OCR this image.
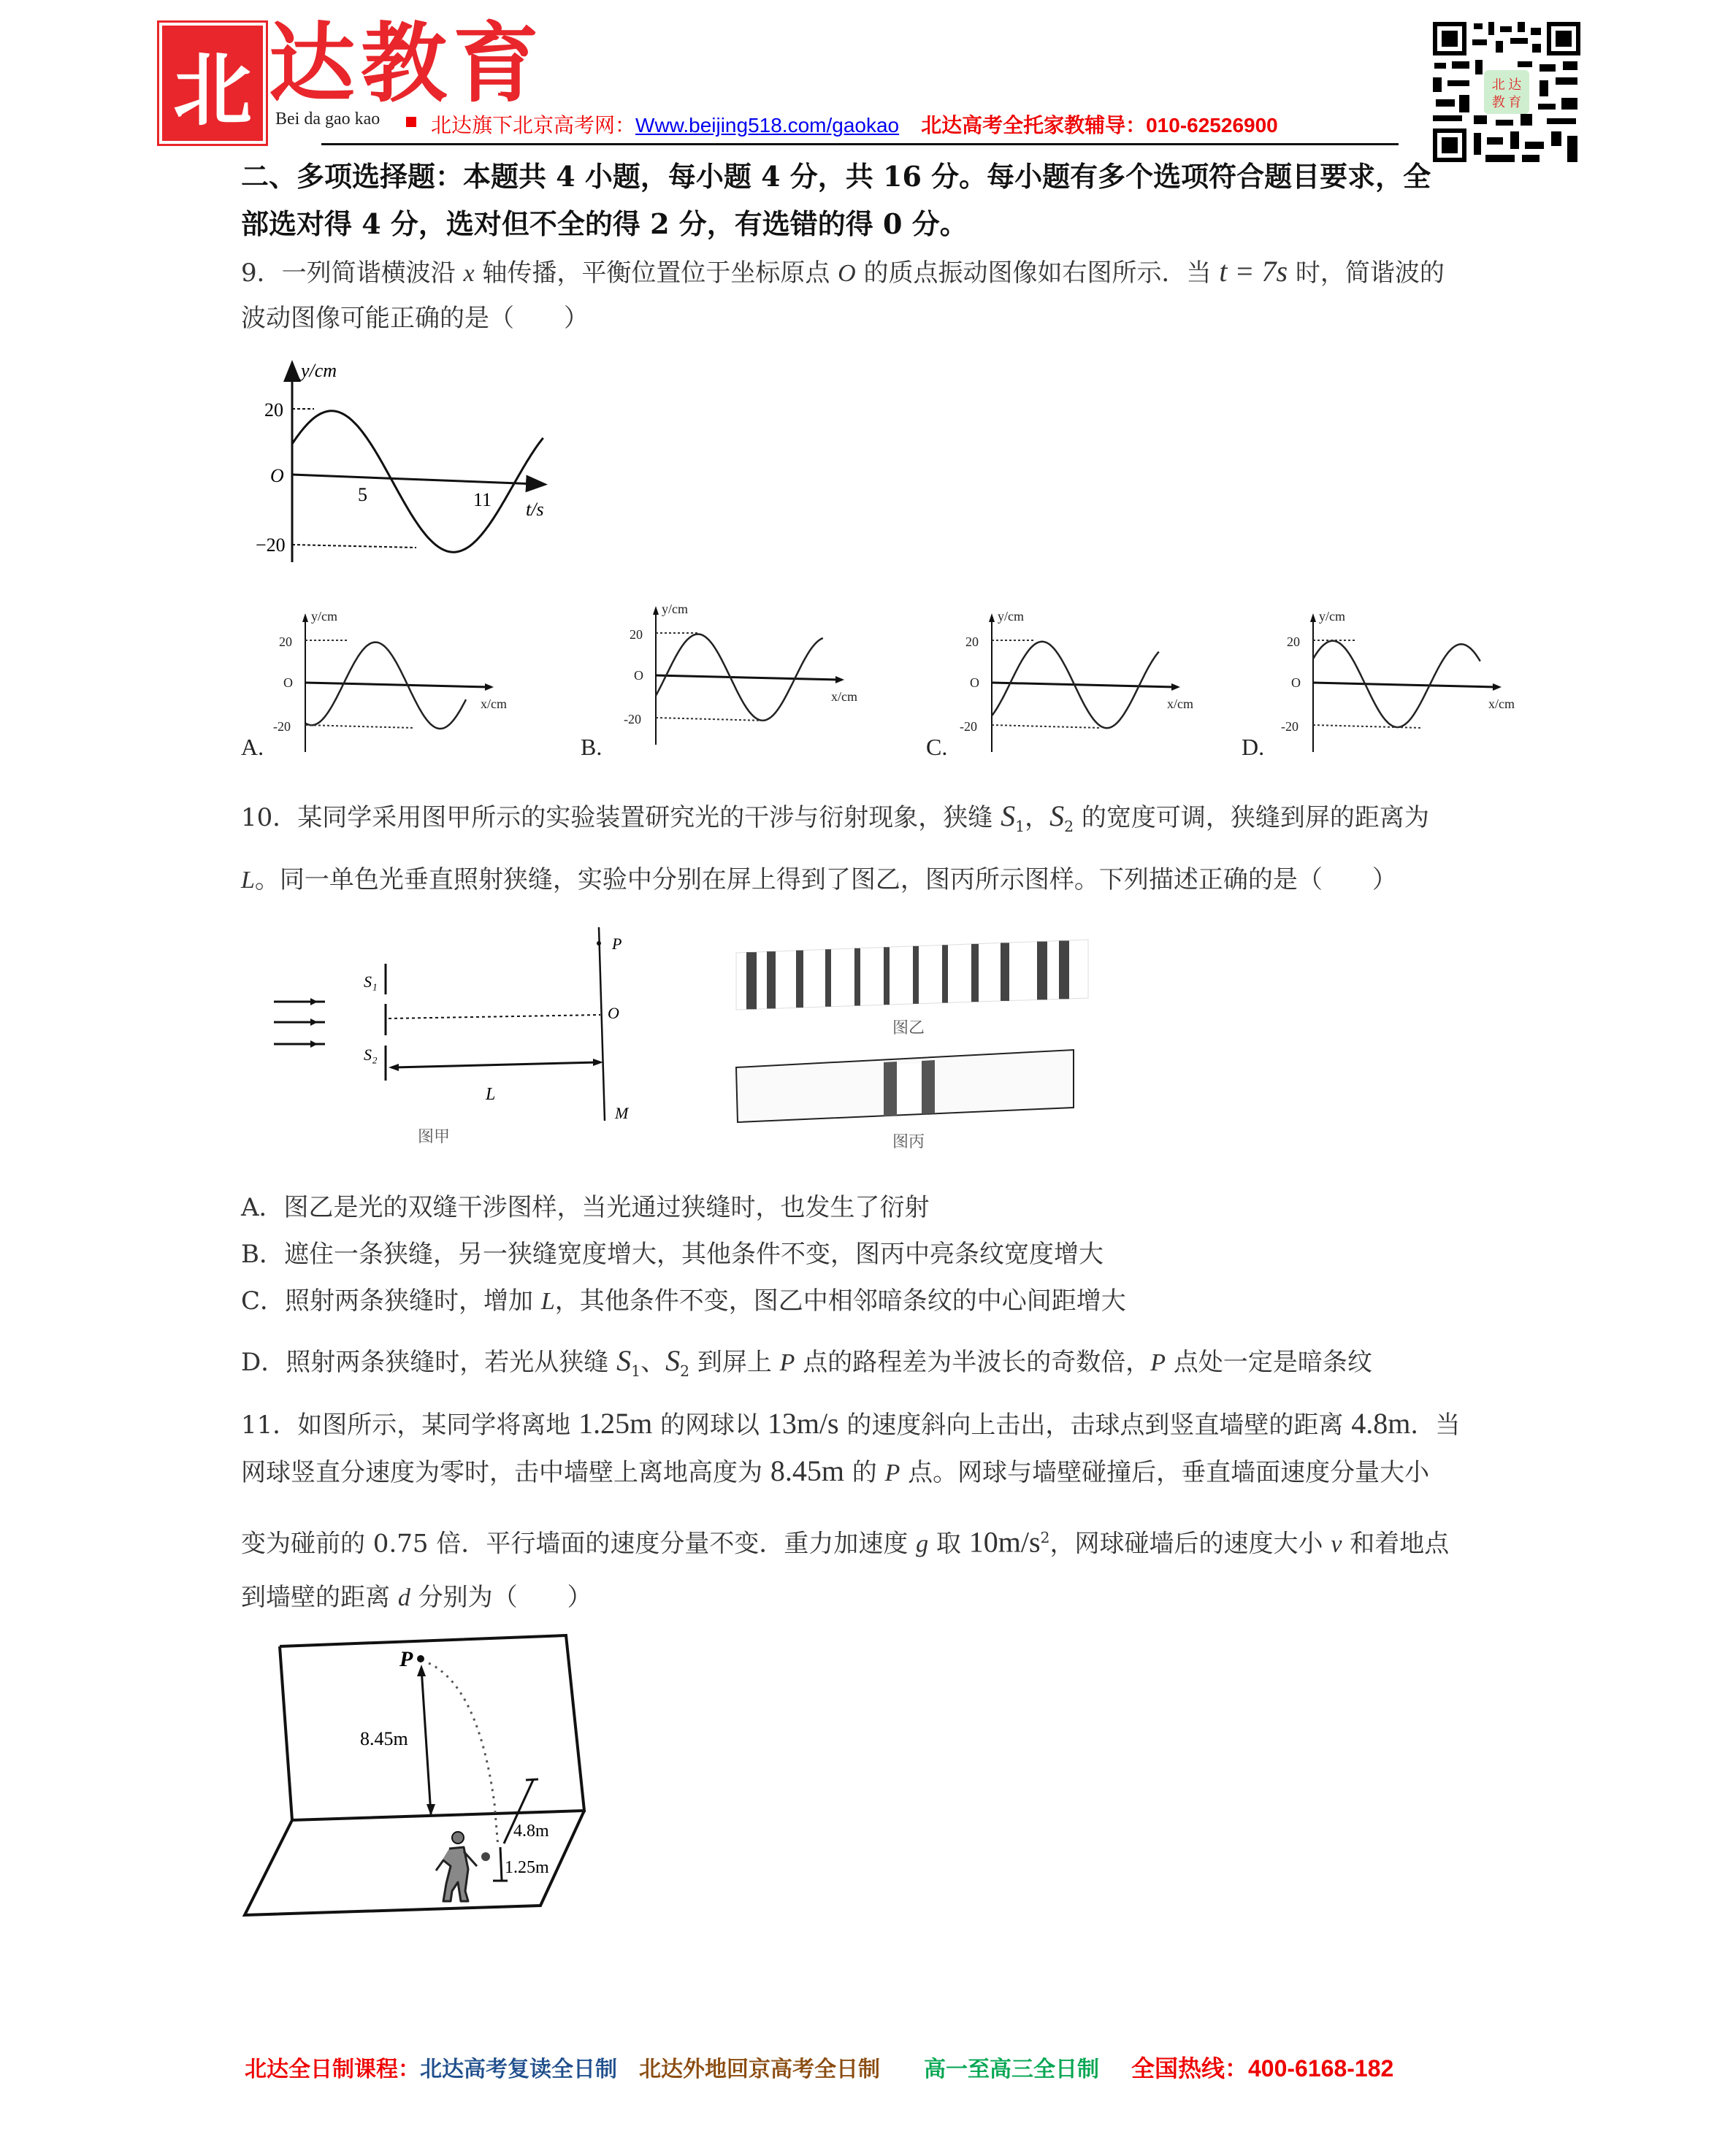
北 达教育
Bei da gao kao 北达旗下北京高考网：Www.beijing518.com/gaokao 北达高考全托家教辅导：010-62526900
北 达
教 育
二、多项选择题：本题共 4 小题，每小题 4 分，共 16 分。每小题有多个选项符合题目要求，全
部选对得 4 分，选对但不全的得 2 分，有选错的得 0 分。
9．一列简谐横波沿 x 轴传播，平衡位置位于坐标原点 O 的质点振动图像如右图所示．当 t = 7s 时，简谐波的
波动图像可能正确的是（　　）
y/cm
t/s
20
O
−20
5	11
A.	B.	C.	D.
y/cm
x/cm
20
O
-20
y/cm
x/cm
20
O
-20
y/cm
x/cm
20
O
-20
y/cm
x/cm
20
O
-20
10．某同学采用图甲所示的实验装置研究光的干涉与衍射现象，狭缝 $S_1$，$S_2$ 的宽度可调，狭缝到屏的距离为
L。同一单色光垂直照射狭缝，实验中分别在屏上得到了图乙，图丙所示图样。下列描述正确的是（　　）
S₁
S₂
P
O
L
M
图甲
图乙
图丙
A．图乙是光的双缝干涉图样，当光通过狭缝时，也发生了衍射
B．遮住一条狭缝，另一狭缝宽度增大，其他条件不变，图丙中亮条纹宽度增大
C．照射两条狭缝时，增加 L，其他条件不变，图乙中相邻暗条纹的中心间距增大
D．照射两条狭缝时，若光从狭缝 $S_1$、$S_2$ 到屏上 P 点的路程差为半波长的奇数倍，P 点处一定是暗条纹
11．如图所示，某同学将离地 1.25m 的网球以 13m/s 的速度斜向上击出，击球点到竖直墙壁的距离 4.8m．当
网球竖直分速度为零时，击中墙壁上离地高度为 8.45m 的 P 点。网球与墙壁碰撞后，垂直墙面速度分量大小
变为碰前的 0.75 倍．平行墙面的速度分量不变．重力加速度 g 取 $10m/s^2$，网球碰墙后的速度大小 v 和着地点
到墙壁的距离 d 分别为（　　）
P
8.45m
4.8m
1.25m
北达全日制课程：北达高考复读全日制 北达外地回京高考全日制 高一至高三全日制 全国热线：400-6168-182
